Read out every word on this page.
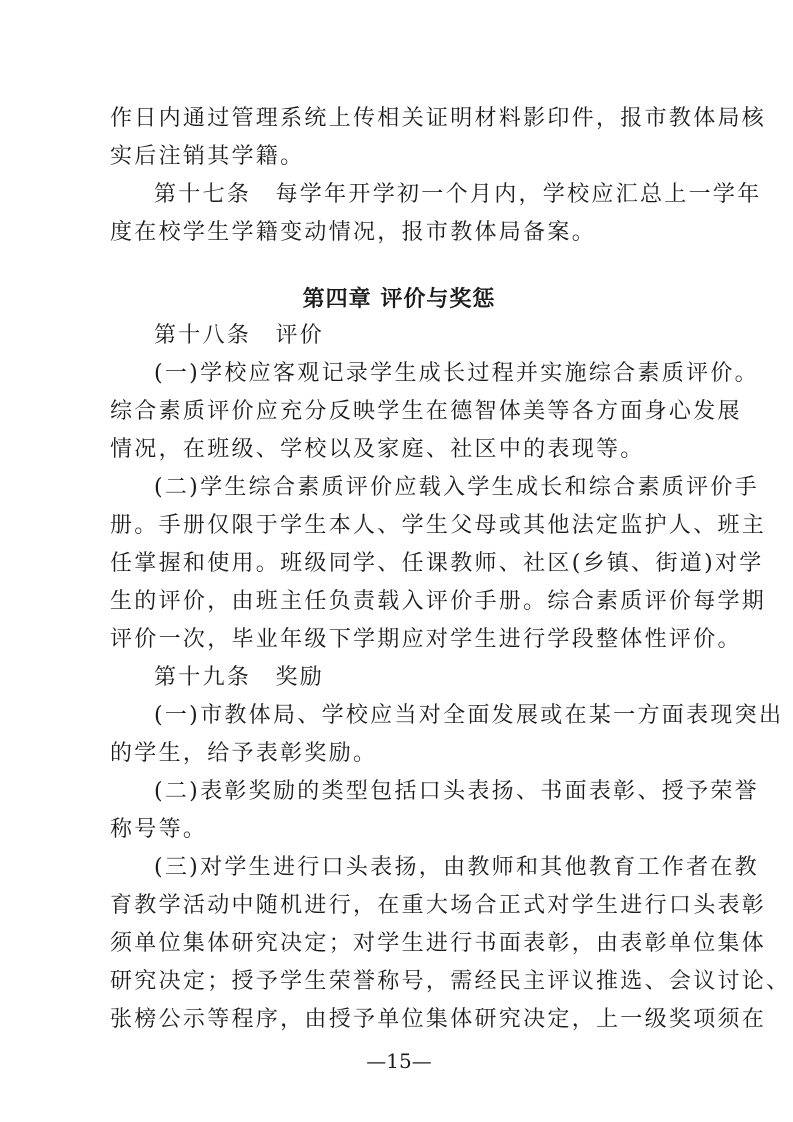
作日内通过管理系统上传相关证明材料影印件，报市教体局核
实后注销其学籍。
第十七条　每学年开学初一个月内，学校应汇总上一学年
度在校学生学籍变动情况，报市教体局备案。
第四章 评价与奖惩
第十八条　评价
(一)学校应客观记录学生成长过程并实施综合素质评价。
综合素质评价应充分反映学生在德智体美等各方面身心发展
情况，在班级、学校以及家庭、社区中的表现等。
(二)学生综合素质评价应载入学生成长和综合素质评价手
册。手册仅限于学生本人、学生父母或其他法定监护人、班主
任掌握和使用。班级同学、任课教师、社区(乡镇、街道)对学
生的评价，由班主任负责载入评价手册。综合素质评价每学期
评价一次，毕业年级下学期应对学生进行学段整体性评价。
第十九条　奖励
(一)市教体局、学校应当对全面发展或在某一方面表现突出
的学生，给予表彰奖励。
(二)表彰奖励的类型包括口头表扬、书面表彰、授予荣誉
称号等。
(三)对学生进行口头表扬，由教师和其他教育工作者在教
育教学活动中随机进行，在重大场合正式对学生进行口头表彰
须单位集体研究决定；对学生进行书面表彰，由表彰单位集体
研究决定；授予学生荣誉称号，需经民主评议推选、会议讨论、
张榜公示等程序，由授予单位集体研究决定，上一级奖项须在
—15—
